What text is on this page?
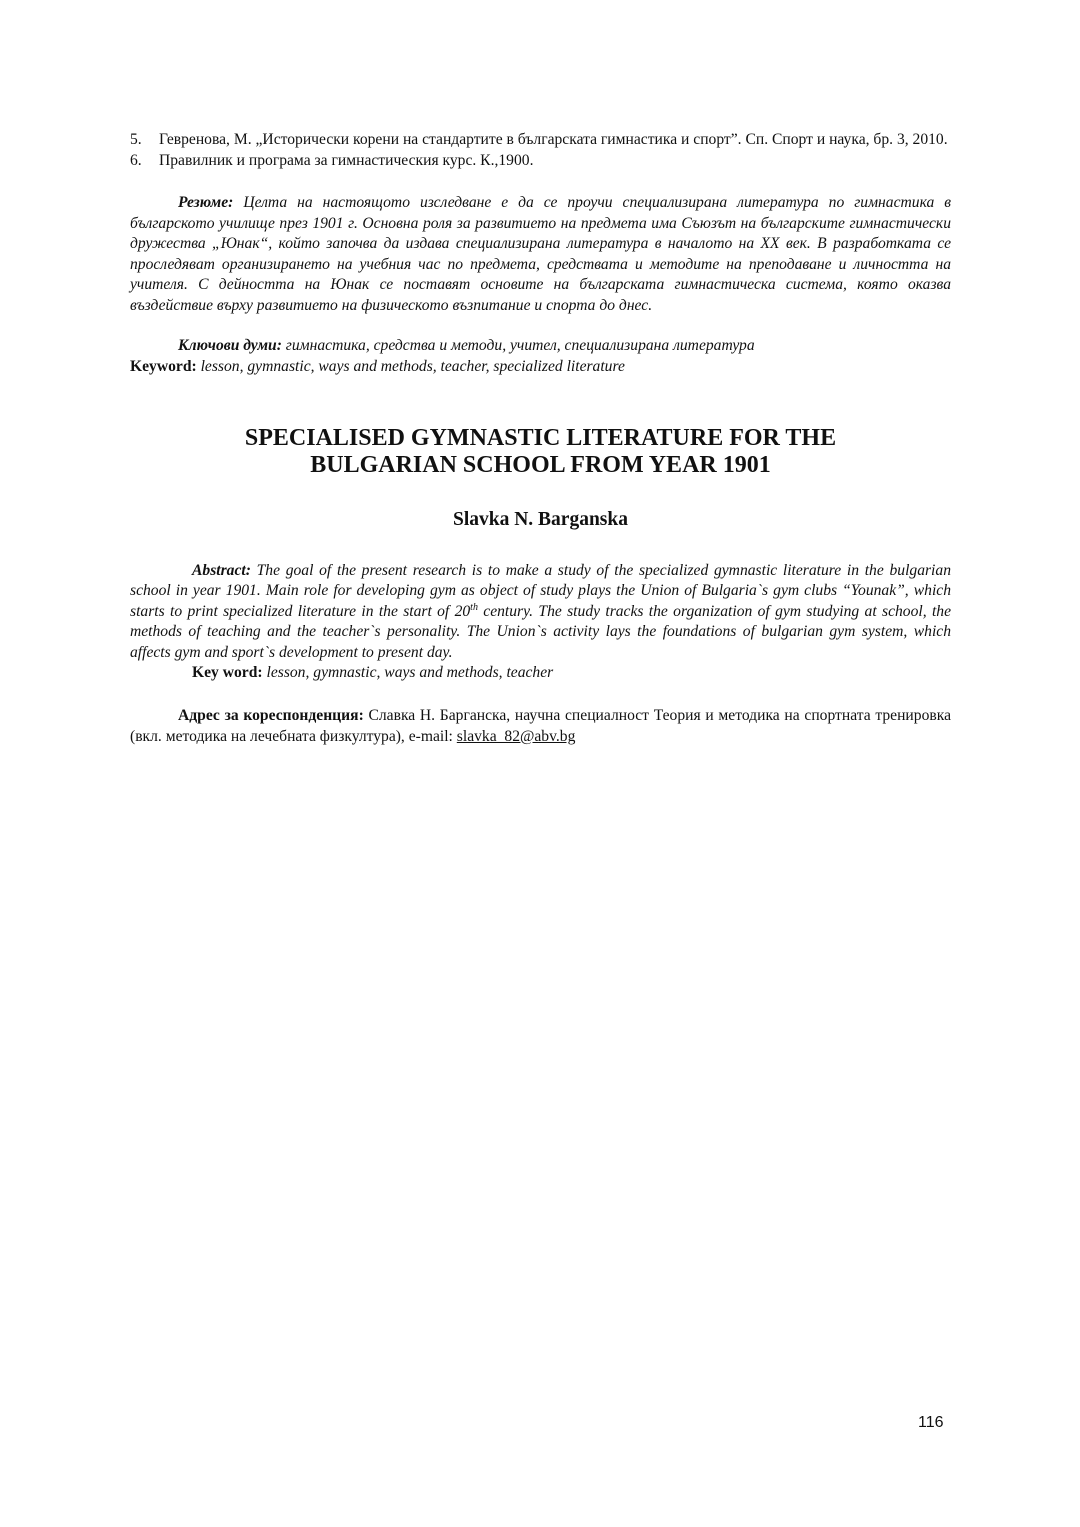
5. Гевренова, М. „Исторически корени на стандартите в българската гимнастика и спорт”. Сп. Спорт и наука, бр. 3, 2010.
6. Правилник и програма за гимнастическия курс. К.,1900.

Резюме: Целта на настоящото изследване е да се проучи специализирана литература по гимнастика в българското училище през 1901 г. Основна роля за развитието на предмета има Съюзът на българските гимнастически дружества „Юнак“, който започва да издава специализирана литература в началото на XX век. В разработката се проследяват организирането на учебния час по предмета, средствата и методите на преподаване и личността на учителя. С дейността на Юнак се поставят основите на българската гимнастическа система, която оказва въздействие върху развитието на физическото възпитание и спорта до днес.

Ключови думи: гимнастика, средства и методи, учител, специализирана литература
Keyword: lesson, gymnastic, ways and methods, teacher, specialized literature
SPECIALISED GYMNASTIC LITERATURE FOR THE
BULGARIAN SCHOOL FROM YEAR 1901
Slavka N. Barganska

Abstract: The goal of the present research is to make a study of the specialized gymnastic literature in the bulgarian school in year 1901. Main role for developing gym as object of study plays the Union of Bulgaria`s gym clubs “Younak”, which starts to print specialized literature in the start of 20th century. The study tracks the organization of gym studying at school, the methods of teaching and the teacher`s personality. The Union`s activity lays the foundations of bulgarian gym system, which affects gym and sport`s development to present day.

Key word: lesson, gymnastic, ways and methods, teacher

Адрес за кореспонденция: Славка Н. Барганска, научна специалност Теория и методика на спортната тренировка (вкл. методика на лечебната физкултура), e-mail: slavka_82@abv.bg

116
